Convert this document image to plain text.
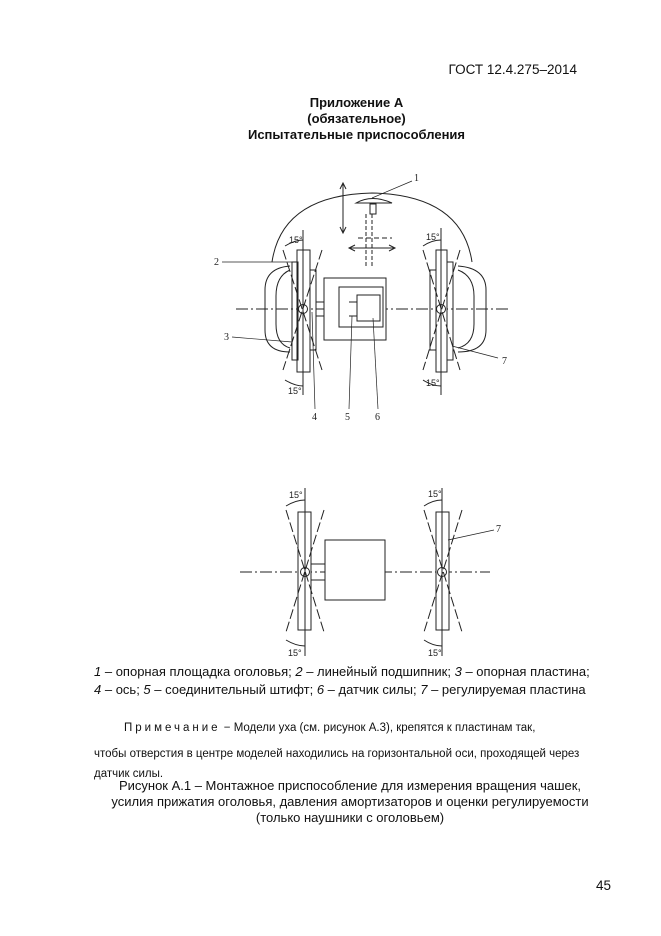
ГОСТ 12.4.275–2014
Приложение А
(обязательное)
Испытательные приспособления
1
2
3
4	5	6
7
7
15°	15°
15°
15°
15°	15°
15°	15°
1 – опорная площадка оголовья; 2 – линейный подшипник; 3 – опорная пластина;
4 – ось; 5 – соединительный штифт; 6 – датчик силы; 7 – регулируемая пластина
Примечание − Модели уха (см. рисунок А.3), крепятся к пластинам так,
чтобы отверстия в центре моделей находились на горизонтальной оси, проходящей через
датчик силы.
Рисунок А.1 – Монтажное приспособление для измерения вращения чашек,
усилия прижатия оголовья, давления амортизаторов и оценки регулируемости
(только наушники с оголовьем)
45
